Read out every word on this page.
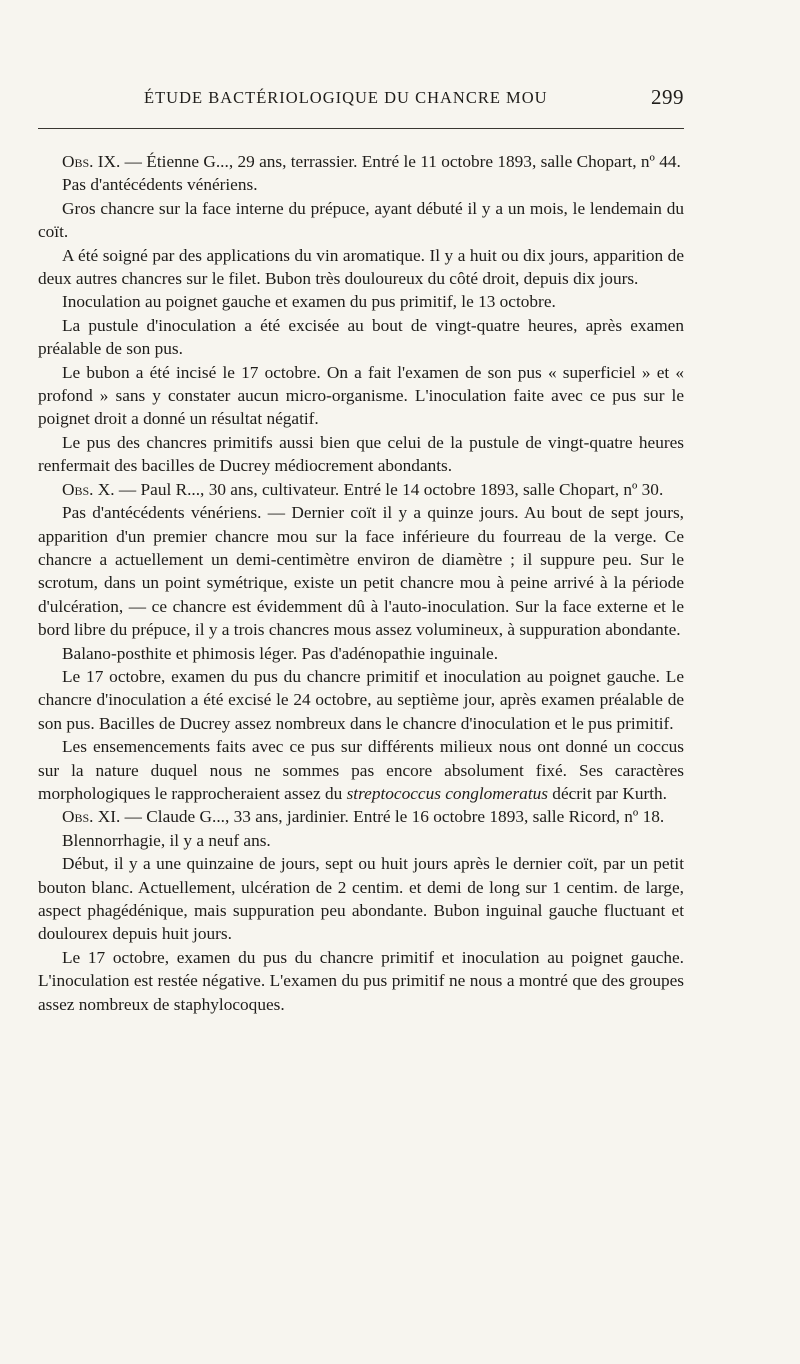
ÉTUDE BACTÉRIOLOGIQUE DU CHANCRE MOU	299

Obs. IX. — Étienne G..., 29 ans, terrassier. Entré le 11 octobre 1893, salle Chopart, nº 44.

Pas d'antécédents vénériens.

Gros chancre sur la face interne du prépuce, ayant débuté il y a un mois, le lendemain du coït.

A été soigné par des applications du vin aromatique. Il y a huit ou dix jours, apparition de deux autres chancres sur le filet. Bubon très douloureux du côté droit, depuis dix jours.

Inoculation au poignet gauche et examen du pus primitif, le 13 octobre.

La pustule d'inoculation a été excisée au bout de vingt-quatre heures, après examen préalable de son pus.

Le bubon a été incisé le 17 octobre. On a fait l'examen de son pus « superficiel » et « profond » sans y constater aucun micro-organisme. L'inoculation faite avec ce pus sur le poignet droit a donné un résultat négatif.

Le pus des chancres primitifs aussi bien que celui de la pustule de vingt-quatre heures renfermait des bacilles de Ducrey médiocrement abondants.

Obs. X. — Paul R..., 30 ans, cultivateur. Entré le 14 octobre 1893, salle Chopart, nº 30.

Pas d'antécédents vénériens. — Dernier coït il y a quinze jours. Au bout de sept jours, apparition d'un premier chancre mou sur la face inférieure du fourreau de la verge. Ce chancre a actuellement un demi-centimètre environ de diamètre ; il suppure peu. Sur le scrotum, dans un point symétrique, existe un petit chancre mou à peine arrivé à la période d'ulcération, — ce chancre est évidemment dû à l'auto-inoculation. Sur la face externe et le bord libre du prépuce, il y a trois chancres mous assez volumineux, à suppuration abondante.

Balano-posthite et phimosis léger. Pas d'adénopathie inguinale.

Le 17 octobre, examen du pus du chancre primitif et inoculation au poignet gauche. Le chancre d'inoculation a été excisé le 24 octobre, au septième jour, après examen préalable de son pus. Bacilles de Ducrey assez nombreux dans le chancre d'inoculation et le pus primitif.

Les ensemencements faits avec ce pus sur différents milieux nous ont donné un coccus sur la nature duquel nous ne sommes pas encore absolument fixé. Ses caractères morphologiques le rapprocheraient assez du streptococcus conglomeratus décrit par Kurth.

Obs. XI. — Claude G..., 33 ans, jardinier. Entré le 16 octobre 1893, salle Ricord, nº 18.

Blennorrhagie, il y a neuf ans.

Début, il y a une quinzaine de jours, sept ou huit jours après le dernier coït, par un petit bouton blanc. Actuellement, ulcération de 2 centim. et demi de long sur 1 centim. de large, aspect phagédénique, mais suppuration peu abondante. Bubon inguinal gauche fluctuant et doulourex depuis huit jours.

Le 17 octobre, examen du pus du chancre primitif et inoculation au poignet gauche. L'inoculation est restée négative. L'examen du pus primitif ne nous a montré que des groupes assez nombreux de staphylocoques.
